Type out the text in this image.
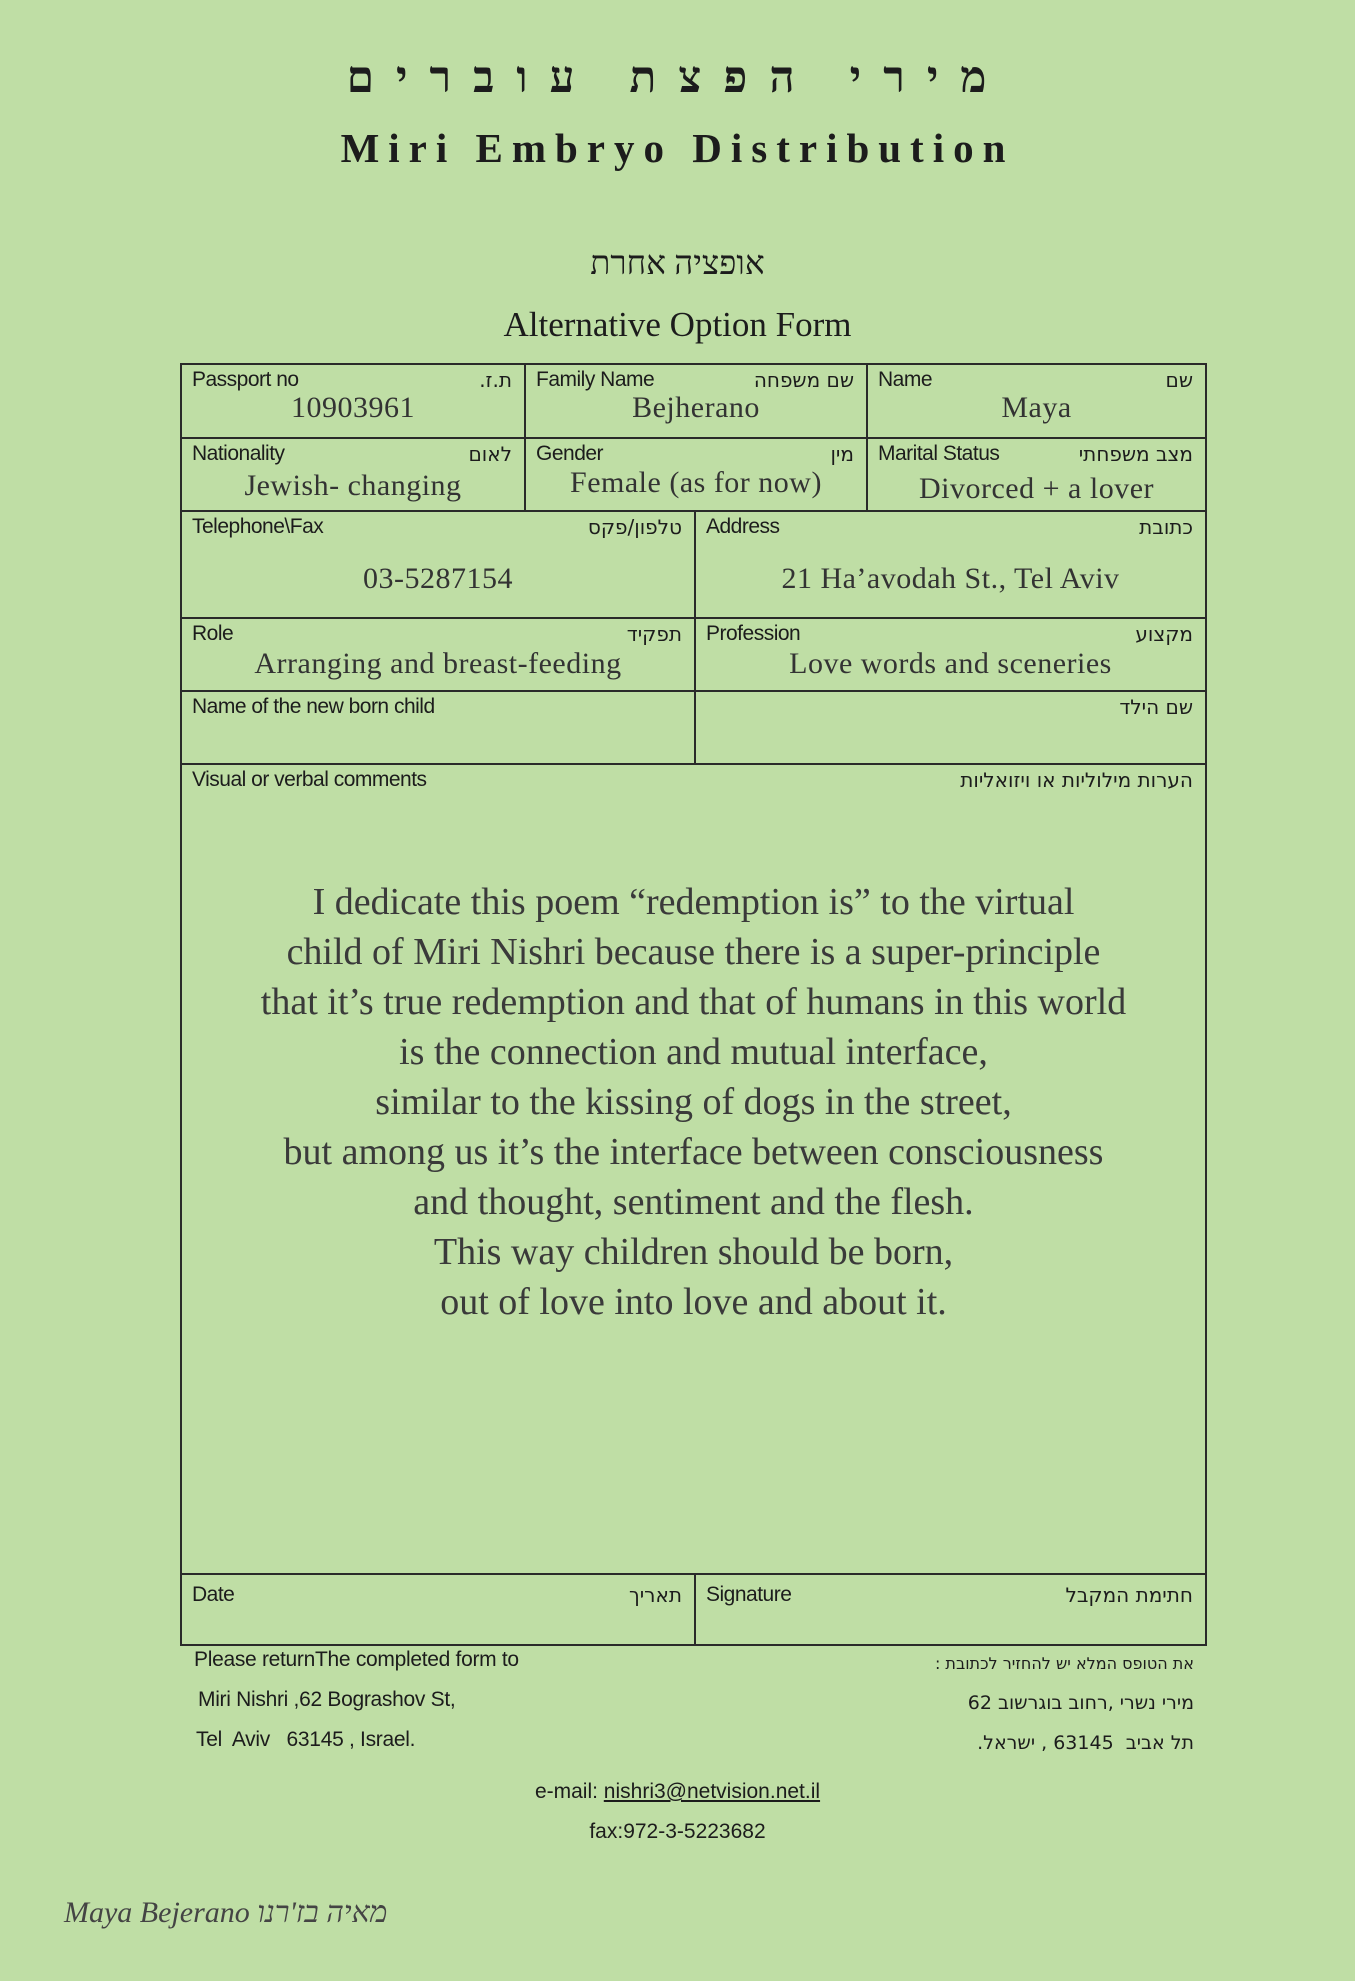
מירי הפצת עוברים
Miri Embryo Distribution
אופציה אחרת
Alternative Option Form
Passport no	ת.ז.
10903961
Family Name	שם משפחה
Bejherano
Name	שם
Maya
Nationality	לאום
Jewish- changing
Gender	מין
Female (as for now)
Marital Status	מצב משפחתי
Divorced + a lover
Telephone\Fax	טלפון/פקס
03-5287154
Address	כתובת
21 Ha’avodah St., Tel Aviv
Role	תפקיד
Arranging and breast-feeding
Profession	מקצוע
Love words and sceneries
Name of the new born child	שם הילד
Visual or verbal comments	הערות מילוליות או ויזואליות
I dedicate this poem “redemption is” to the virtual
child of Miri Nishri because there is a super-principle
that it’s true redemption and that of humans in this world
is the connection and mutual interface,
similar to the kissing of dogs in the street,
but among us it’s the interface between consciousness
and thought, sentiment and the flesh.
This way children should be born,
out of love into love and about it.
Date	תאריך Signature	חתימת המקבל
Please returnThe completed form to
Miri Nishri ,62 Bograshov St,
Tel  Aviv   63145 , Israel.
את הטופס המלא יש להחזיר לכתובת :
מירי נשרי ,רחוב בוגרשוב 62
תל אביב  63145 , ישראל.
e-mail: nishri3@netvision.net.il
fax:972-3-5223682
Maya Bejerano מאיה בז'רנו
